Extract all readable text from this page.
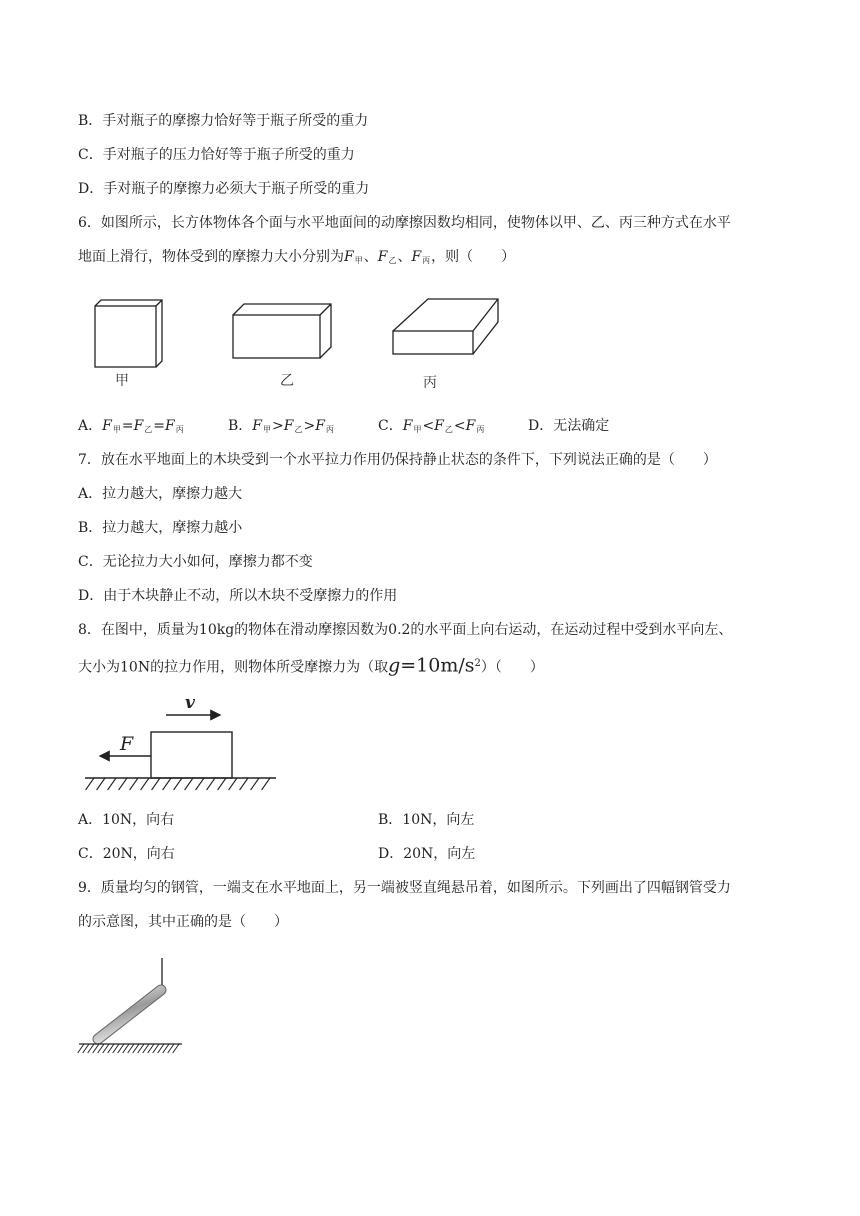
B．手对瓶子的摩擦力恰好等于瓶子所受的重力
C．手对瓶子的压力恰好等于瓶子所受的重力
D．手对瓶子的摩擦力必须大于瓶子所受的重力
6．如图所示，长方体物体各个面与水平地面间的动摩擦因数均相同，使物体以甲、乙、丙三种方式在水平
地面上滑行，物体受到的摩擦力大小分别为$F_甲$、$F_乙$、$F_丙$，则（　　）
甲	乙	丙
A．$F_甲=F_乙=F_丙$	B．$F_甲>F_乙>F_丙$	C．$F_甲<F_乙<F_丙$	D．无法确定
7．放在水平地面上的木块受到一个水平拉力作用仍保持静止状态的条件下，下列说法正确的是（　　）
A．拉力越大，摩擦力越大
B．拉力越大，摩擦力越小
C．无论拉力大小如何，摩擦力都不变
D．由于木块静止不动，所以木块不受摩擦力的作用
8．在图中，质量为10kg的物体在滑动摩擦因数为0.2的水平面上向右运动，在运动过程中受到水平向左、
大小为10N的拉力作用，则物体所受摩擦力为（取$g=10m/s^2$）（　　）
v
F
A．10N，向右	B．10N，向左
C．20N，向右	D．20N，向左
9．质量均匀的钢管，一端支在水平地面上，另一端被竖直绳悬吊着，如图所示。下列画出了四幅钢管受力
的示意图，其中正确的是（　　）
